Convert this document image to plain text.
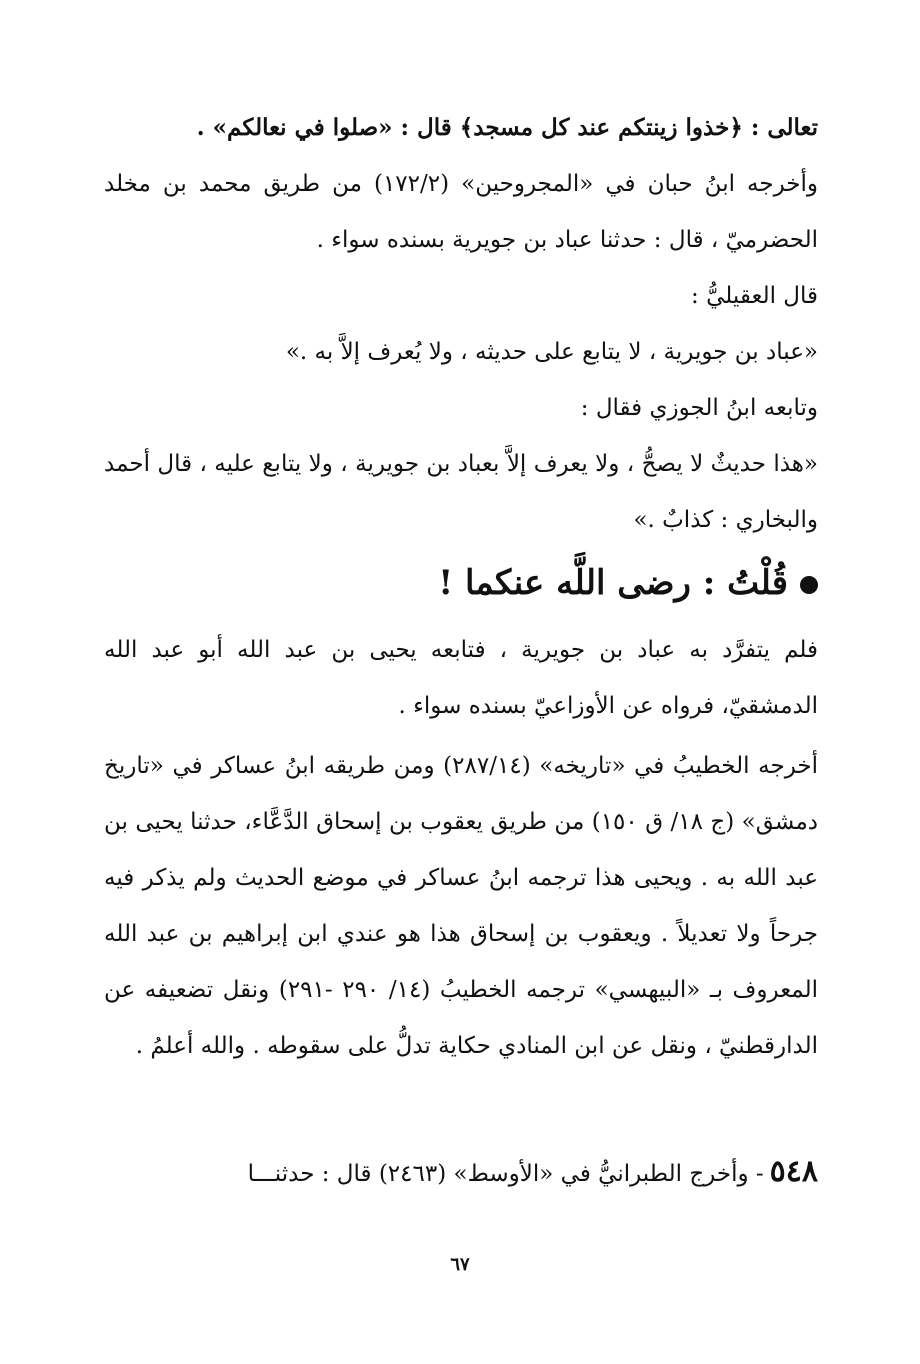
تعالى : ﴿خذوا زينتكم عند كل مسجد﴾ قال : «صلوا في نعالكم» .

وأخرجه ابنُ حبان في «المجروحين» (١٧٢/٢) من طريق محمد بن مخلد الحضرميّ ، قال : حدثنا عباد بن جويرية بسنده سواء .

قال العقيليُّ :

«عباد بن جويرية ، لا يتابع على حديثه ، ولا يُعرف إلاَّ به .»

وتابعه ابنُ الجوزي فقال :

«هذا حديثٌ لا يصحُّ ، ولا يعرف إلاَّ بعباد بن جويرية ، ولا يتابع عليه ، قال أحمد والبخاري : كذابٌ .»

قُلْتُ : رضى اللَّه عنكما !

فلم يتفرَّد به عباد بن جويرية ، فتابعه يحيى بن عبد الله أبو عبد الله الدمشقيّ، فرواه عن الأوزاعيّ بسنده سواء .

أخرجه الخطيبُ في «تاريخه» (٢٨٧/١٤) ومن طريقه ابنُ عساكر في «تاريخ دمشق» (ج ١٨/ ق ١٥٠) من طريق يعقوب بن إسحاق الدَّعَّاء، حدثنا يحيى بن عبد الله به . ويحيى هذا ترجمه ابنُ عساكر في موضع الحديث ولم يذكر فيه جرحاً ولا تعديلاً . ويعقوب بن إسحاق هذا هو عندي ابن إبراهيم بن عبد الله المعروف بـ «البيهسي» ترجمه الخطيبُ (١٤/ ٢٩٠ -٢٩١) ونقل تضعيفه عن الدارقطنيّ ، ونقل عن ابن المنادي حكاية تدلُّ على سقوطه . والله أعلمُ .

٥٤٨- وأخرج الطبرانيُّ في «الأوسط» (٢٤٦٣) قال : حدثنـــا

٦٧
